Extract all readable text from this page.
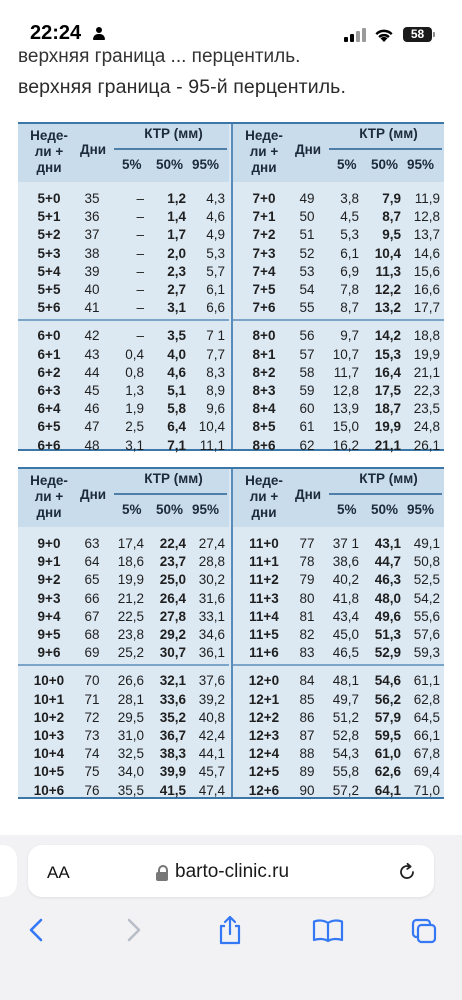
22:24	58
верхняя граница ... перцентиль.
верхняя граница - 95-й перцентиль.
Неде-
ли +
дни
Дни
КТР (мм)
5% 50% 95%
5+0	35	–	1,2	4,3
5+1	36	–	1,4	4,6
5+2	37	–	1,7	4,9
5+3	38	–	2,0	5,3
5+4	39	–	2,3	5,7
5+5	40	–	2,7	6,1
5+6	41	–	3,1	6,6
6+0	42	–	3,5	7 1
6+1	43	0,4	4,0	7,7
6+2	44	0,8	4,6	8,3
6+3	45	1,3	5,1	8,9
6+4	46	1,9	5,8	9,6
6+5	47	2,5	6,4 10,4
6+6	48	3,1	7,1	11,1
Неде-
ли +
дни
Дни
КТР (мм)
5% 50% 95%
7+0	49	3,8	7,9	11,9
7+1	50	4,5	8,7 12,8
7+2	51	5,3	9,5 13,7
7+3	52	6,1	10,4 14,6
7+4	53	6,9	11,3 15,6
7+5	54	7,8	12,2 16,6
7+6	55	8,7	13,2 17,7
8+0	56	9,7	14,2 18,8
8+1	57	10,7	15,3 19,9
8+2	58	11,7	16,4 21,1
8+3	59	12,8	17,5 22,3
8+4	60	13,9	18,7 23,5
8+5	61	15,0	19,9 24,8
8+6	62	16,2	21,1 26,1
Неде-
ли +
дни
Дни
КТР (мм)
5% 50% 95%
9+0	63	17,4	22,4 27,4
9+1	64	18,6	23,7 28,8
9+2	65	19,9	25,0 30,2
9+3	66	21,2	26,4 31,6
9+4	67	22,5	27,8 33,1
9+5	68	23,8	29,2 34,6
9+6	69	25,2	30,7 36,1
10+0	70	26,6	32,1 37,6
10+1	71	28,1	33,6 39,2
10+2	72	29,5	35,2 40,8
10+3	73	31,0	36,7 42,4
10+4	74	32,5	38,3 44,1
10+5	75	34,0	39,9 45,7
10+6	76	35,5	41,5 47,4
Неде-
ли +
дни
Дни
КТР (мм)
5% 50% 95%
11+0	77	37 1	43,1 49,1
11+1	78	38,6	44,7 50,8
11+2	79	40,2	46,3 52,5
11+3	80	41,8	48,0 54,2
11+4	81	43,4	49,6 55,6
11+5	82	45,0	51,3 57,6
11+6	83	46,5	52,9 59,3
12+0	84	48,1	54,6 61,1
12+1	85	49,7	56,2 62,8
12+2	86	51,2	57,9 64,5
12+3	87	52,8	59,5 66,1
12+4	88	54,3	61,0 67,8
12+5	89	55,8	62,6 69,4
12+6	90	57,2	64,1 71,0
AA	barto-clinic.ru
